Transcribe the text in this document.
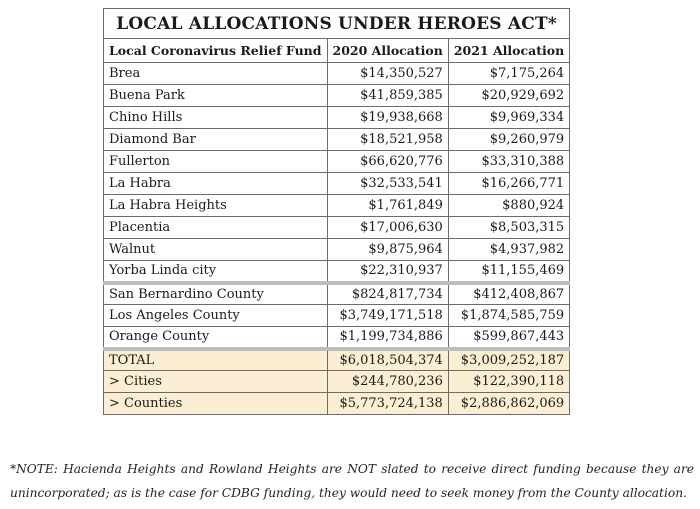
LOCAL ALLOCATIONS UNDER HEROES ACT*		
Local Coronavirus Relief Fund	2020 Allocation	2021 Allocation
Brea	$14,350,527	$7,175,264
Buena Park	$41,859,385	$20,929,692
Chino Hills	$19,938,668	$9,969,334
Diamond Bar	$18,521,958	$9,260,979
Fullerton	$66,620,776	$33,310,388
La Habra	$32,533,541	$16,266,771
La Habra Heights	$1,761,849	$880,924
Placentia	$17,006,630	$8,503,315
Walnut	$9,875,964	$4,937,982
Yorba Linda city	$22,310,937	$11,155,469
San Bernardino County	$824,817,734	$412,408,867
Los Angeles County	$3,749,171,518	$1,874,585,759
Orange County	$1,199,734,886	$599,867,443
TOTAL	$6,018,504,374	$3,009,252,187
> Cities	$244,780,236	$122,390,118
> Counties	$5,773,724,138	$2,886,862,069
*NOTE: Hacienda Heights and Rowland Heights are NOT slated to receive direct funding because they are unincorporated; as is the case for CDBG funding, they would need to seek money from the County allocation.
